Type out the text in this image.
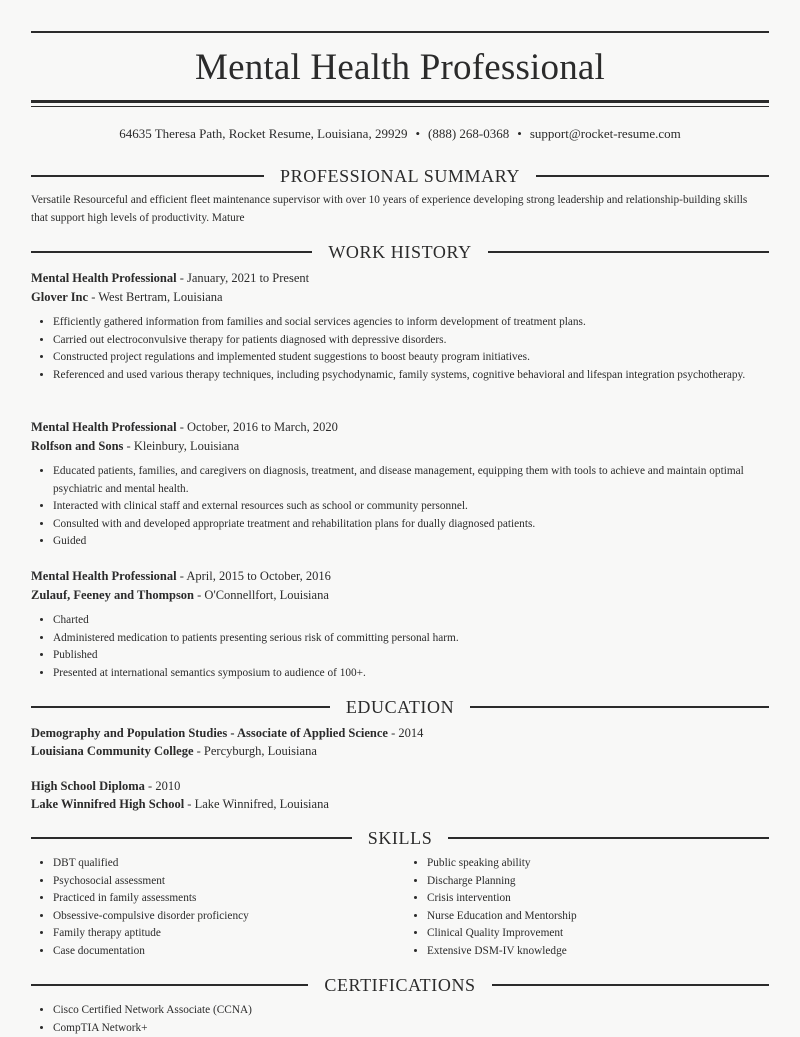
Mental Health Professional
64635 Theresa Path, Rocket Resume, Louisiana, 29929 • (888) 268-0368 • support@rocket-resume.com
PROFESSIONAL SUMMARY
Versatile Resourceful and efficient fleet maintenance supervisor with over 10 years of experience developing strong leadership and relationship-building skills that support high levels of productivity. Mature
WORK HISTORY
Mental Health Professional - January, 2021 to Present
Glover Inc - West Bertram, Louisiana
• Efficiently gathered information from families and social services agencies to inform development of treatment plans.
• Carried out electroconvulsive therapy for patients diagnosed with depressive disorders.
• Constructed project regulations and implemented student suggestions to boost beauty program initiatives.
• Referenced and used various therapy techniques, including psychodynamic, family systems, cognitive behavioral and lifespan integration psychotherapy.
Mental Health Professional - October, 2016 to March, 2020
Rolfson and Sons - Kleinbury, Louisiana
• Educated patients, families, and caregivers on diagnosis, treatment, and disease management, equipping them with tools to achieve and maintain optimal psychiatric and mental health.
• Interacted with clinical staff and external resources such as school or community personnel.
• Consulted with and developed appropriate treatment and rehabilitation plans for dually diagnosed patients.
• Guided
Mental Health Professional - April, 2015 to October, 2016
Zulauf, Feeney and Thompson - O'Connellfort, Louisiana
• Charted
• Administered medication to patients presenting serious risk of committing personal harm.
• Published
• Presented at international semantics symposium to audience of 100+.
EDUCATION
Demography and Population Studies - Associate of Applied Science - 2014
Louisiana Community College - Percyburgh, Louisiana
High School Diploma - 2010
Lake Winnifred High School - Lake Winnifred, Louisiana
SKILLS
• DBT qualified
• Psychosocial assessment
• Practiced in family assessments
• Obsessive-compulsive disorder proficiency
• Family therapy aptitude
• Case documentation
• Public speaking ability
• Discharge Planning
• Crisis intervention
• Nurse Education and Mentorship
• Clinical Quality Improvement
• Extensive DSM-IV knowledge
CERTIFICATIONS
• Cisco Certified Network Associate (CCNA)
• CompTIA Network+
